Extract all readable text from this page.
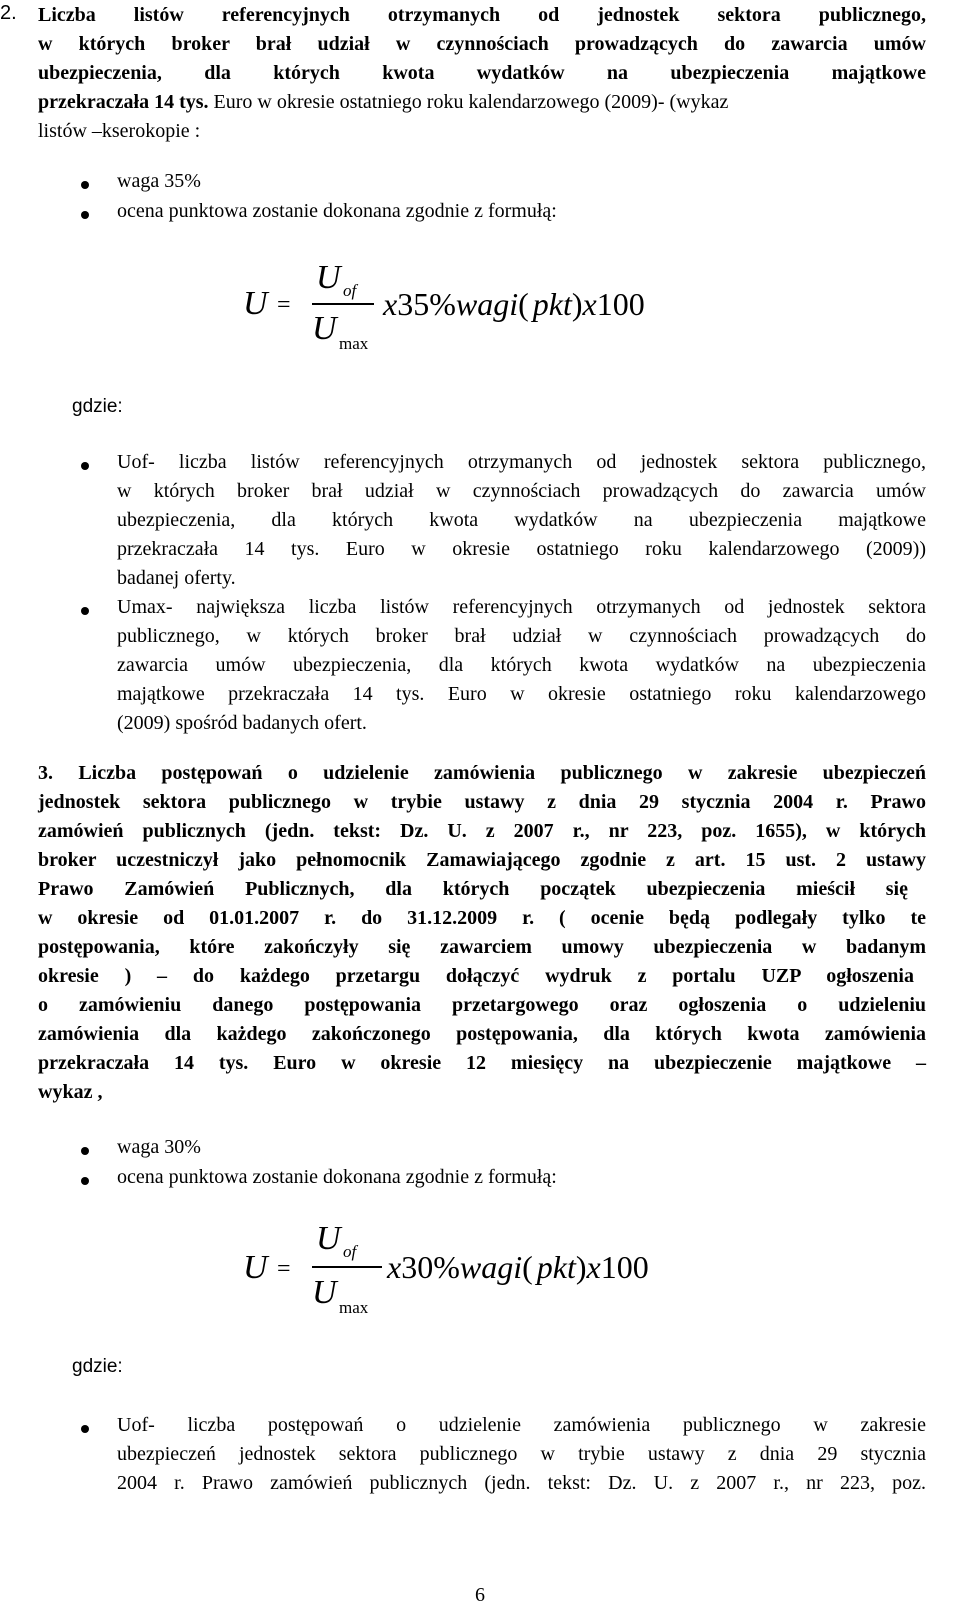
2. Liczba listów referencyjnych otrzymanych od jednostek sektora publicznego,
w których broker brał udział w czynnościach prowadzących do zawarcia umów
ubezpieczenia, dla których kwota wydatków na ubezpieczenia majątkowe
przekraczała 14 tys. Euro w okresie ostatniego roku kalendarzowego (2009)- (wykaz
listów –kserokopie :
waga 35%
ocena punktowa zostanie dokonana zgodnie z formułą:
U =
U of
U max
x35%wagi( pkt)x100
gdzie:
Uof- liczba listów referencyjnych otrzymanych od jednostek sektora publicznego,
w których broker brał udział w czynnościach prowadzących do zawarcia umów
ubezpieczenia, dla których kwota wydatków na ubezpieczenia majątkowe
przekraczała 14 tys. Euro w okresie ostatniego roku kalendarzowego (2009))
badanej oferty.
Umax- największa liczba listów referencyjnych otrzymanych od jednostek sektora
publicznego, w których broker brał udział w czynnościach prowadzących do
zawarcia umów ubezpieczenia, dla których kwota wydatków na ubezpieczenia
majątkowe przekraczała 14 tys. Euro w okresie ostatniego roku kalendarzowego
(2009) spośród badanych ofert.
3. Liczba postępowań o udzielenie zamówienia publicznego w zakresie ubezpieczeń
jednostek sektora publicznego w trybie ustawy z dnia 29 stycznia 2004 r. Prawo
zamówień publicznych (jedn. tekst: Dz. U. z 2007 r., nr 223, poz. 1655), w których
broker uczestniczył jako pełnomocnik Zamawiającego zgodnie z art. 15 ust. 2 ustawy
Prawo Zamówień Publicznych, dla których początek ubezpieczenia mieścił się
w okresie od 01.01.2007 r. do 31.12.2009 r. ( ocenie będą podlegały tylko te
postępowania, które zakończyły się zawarciem umowy ubezpieczenia w badanym
okresie ) – do każdego przetargu dołączyć wydruk z portalu UZP ogłoszenia
o zamówieniu danego postępowania przetargowego oraz ogłoszenia o udzieleniu
zamówienia dla każdego zakończonego postępowania, dla których kwota zamówienia
przekraczała 14 tys. Euro w okresie 12 miesięcy na ubezpieczenie majątkowe –
wykaz ,
waga 30%
ocena punktowa zostanie dokonana zgodnie z formułą:
U =
U of
U max
x30%wagi( pkt)x100
gdzie:
Uof- liczba postępowań o udzielenie zamówienia publicznego w zakresie
ubezpieczeń jednostek sektora publicznego w trybie ustawy z dnia 29 stycznia
2004 r. Prawo zamówień publicznych (jedn. tekst: Dz. U. z 2007 r., nr 223, poz.
6
